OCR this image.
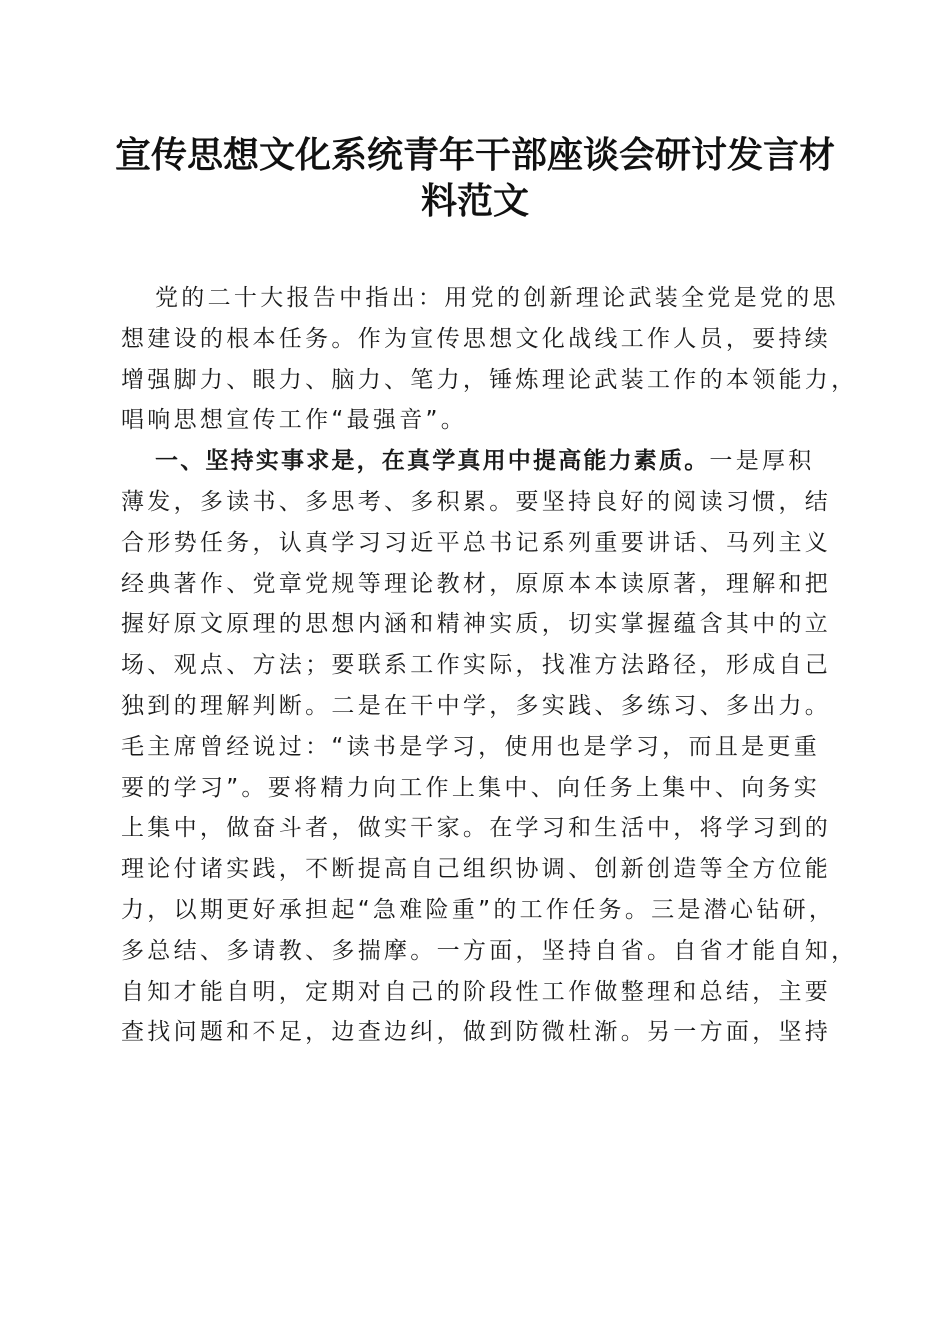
宣传思想文化系统青年干部座谈会研讨发言材
料范文
党的二十大报告中指出：用党的创新理论武装全党是党的思
想建设的根本任务。作为宣传思想文化战线工作人员，要持续
增强脚力、眼力、脑力、笔力，锤炼理论武装工作的本领能力，
唱响思想宣传工作“最强音”。
一、坚持实事求是，在真学真用中提高能力素质。一是厚积
薄发，多读书、多思考、多积累。要坚持良好的阅读习惯，结
合形势任务，认真学习习近平总书记系列重要讲话、马列主义
经典著作、党章党规等理论教材，原原本本读原著，理解和把
握好原文原理的思想内涵和精神实质，切实掌握蕴含其中的立
场、观点、方法；要联系工作实际，找准方法路径，形成自己
独到的理解判断。二是在干中学，多实践、多练习、多出力。
毛主席曾经说过：“读书是学习，使用也是学习，而且是更重
要的学习”。要将精力向工作上集中、向任务上集中、向务实
上集中，做奋斗者，做实干家。在学习和生活中，将学习到的
理论付诸实践，不断提高自己组织协调、创新创造等全方位能
力，以期更好承担起“急难险重”的工作任务。三是潜心钻研，
多总结、多请教、多揣摩。一方面，坚持自省。自省才能自知，
自知才能自明，定期对自己的阶段性工作做整理和总结，主要
查找问题和不足，边查边纠，做到防微杜渐。另一方面，坚持
